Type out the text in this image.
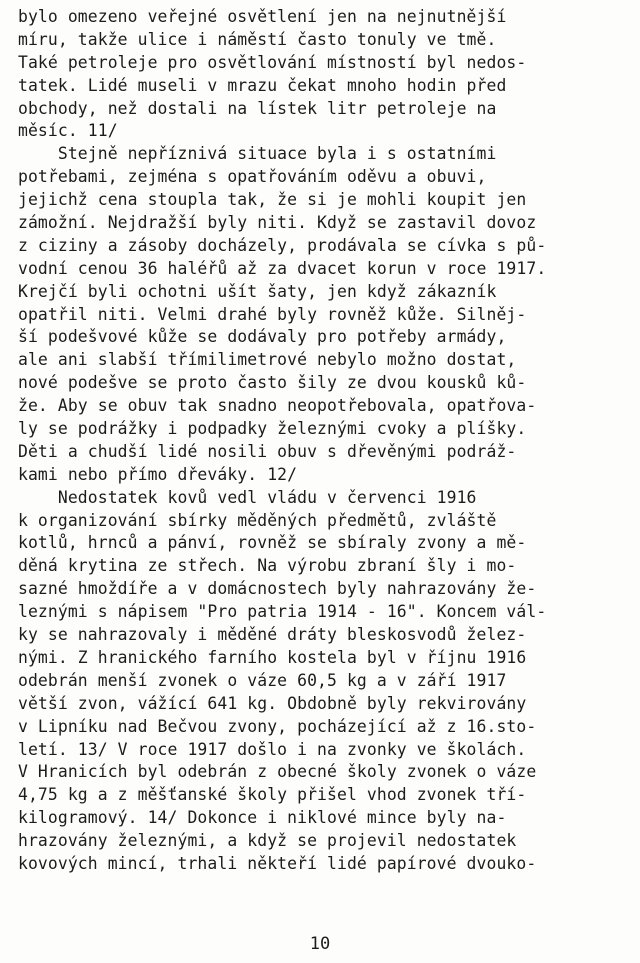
bylo omezeno veřejné osvětlení jen na nejnutnější
míru, takže ulice i náměstí často tonuly ve tmě.
Také petroleje pro osvětlování místností byl nedos-
tatek. Lidé museli v mrazu čekat mnoho hodin před
obchody, než dostali na lístek litr petroleje na
měsíc. 11/
Stejně nepříznivá situace byla i s ostatními
potřebami, zejména s opatřováním oděvu a obuvi,
jejichž cena stoupla tak, že si je mohli koupit jen
zámožní. Nejdražší byly niti. Když se zastavil dovoz
z ciziny a zásoby docházely, prodávala se cívka s pů-
vodní cenou 36 haléřů až za dvacet korun v roce 1917.
Krejčí byli ochotni ušít šaty, jen když zákazník
opatřil niti. Velmi drahé byly rovněž kůže. Silněj-
ší podešvové kůže se dodávaly pro potřeby armády,
ale ani slabší třímilimetrové nebylo možno dostat,
nové podešve se proto často šily ze dvou kousků ků-
že. Aby se obuv tak snadno neopotřebovala, opatřova-
ly se podrážky i podpadky železnými cvoky a plíšky.
Děti a chudší lidé nosili obuv s dřevěnými podráž-
kami nebo přímo dřeváky. 12/
Nedostatek kovů vedl vládu v červenci 1916
k organizování sbírky měděných předmětů, zvláště
kotlů, hrnců a pánví, rovněž se sbíraly zvony a mě-
děná krytina ze střech. Na výrobu zbraní šly i mo-
sazné hmoždíře a v domácnostech byly nahrazovány že-
leznými s nápisem "Pro patria 1914 - 16". Koncem vál-
ky se nahrazovaly i měděné dráty bleskosvodů želez-
nými. Z hranického farního kostela byl v říjnu 1916
odebrán menší zvonek o váze 60,5 kg a v září 1917
větší zvon, vážící 641 kg. Obdobně byly rekvirovány
v Lipníku nad Bečvou zvony, pocházející až z 16.sto-
letí. 13/ V roce 1917 došlo i na zvonky ve školách.
V Hranicích byl odebrán z obecné školy zvonek o váze
4,75 kg a z měšťanské školy přišel vhod zvonek tří-
kilogramový. 14/ Dokonce i niklové mince byly na-
hrazovány železnými, a když se projevil nedostatek
kovových mincí, trhali někteří lidé papírové dvouko-
10
